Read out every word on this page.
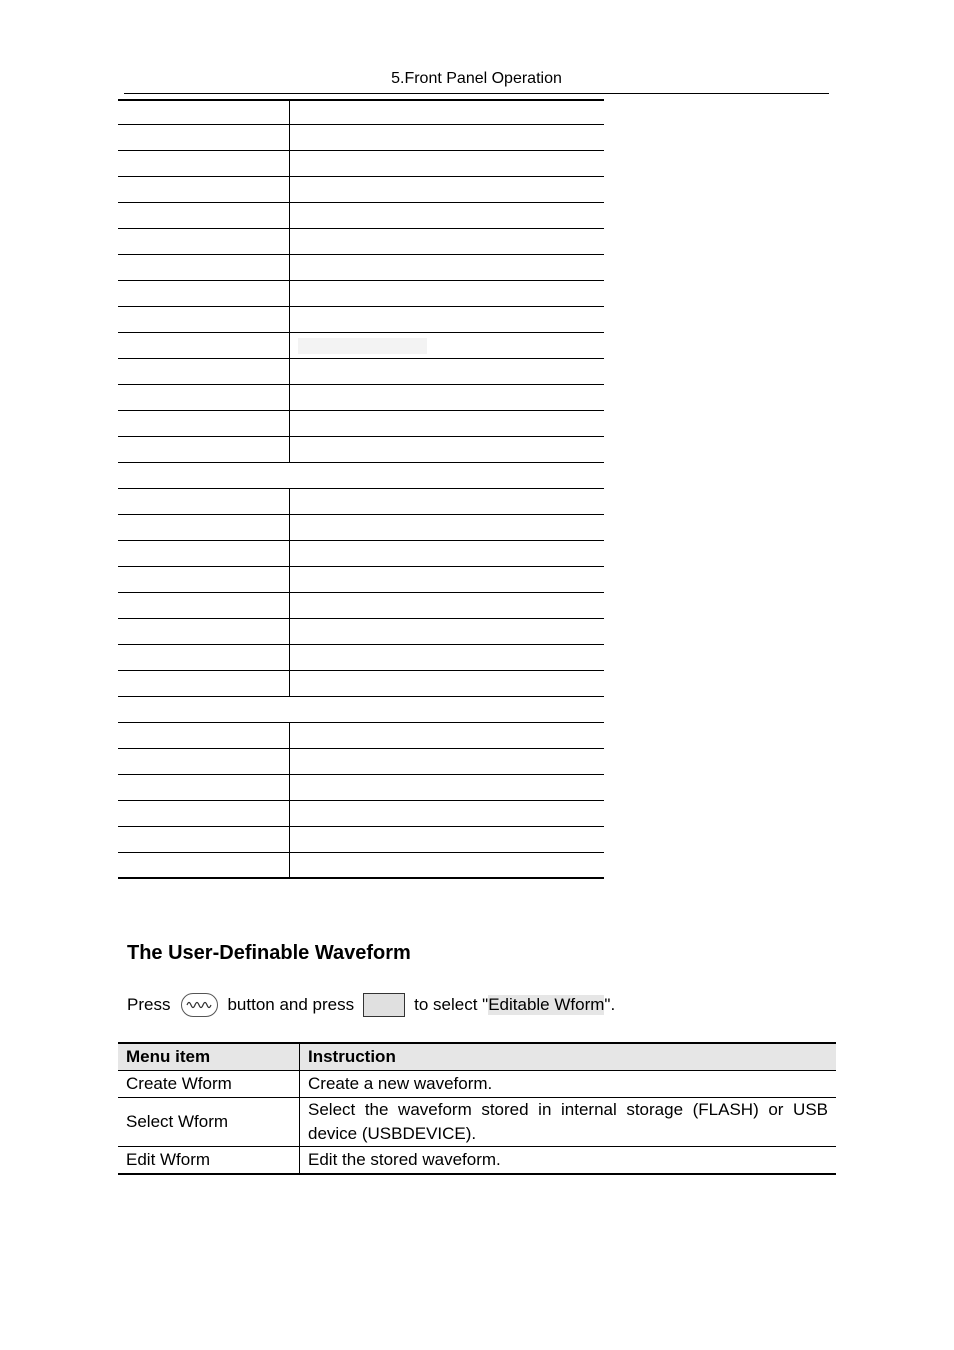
5.Front Panel Operation
The User-Definable Waveform
Press

	button and press	to select " Editable Wform ".
Menu item	Instruction
Create Wform	Create a new waveform.
Select Wform	Select the waveform stored in internal storage (FLASH) or USB device (USBDEVICE).
Edit Wform	Edit the stored waveform.
